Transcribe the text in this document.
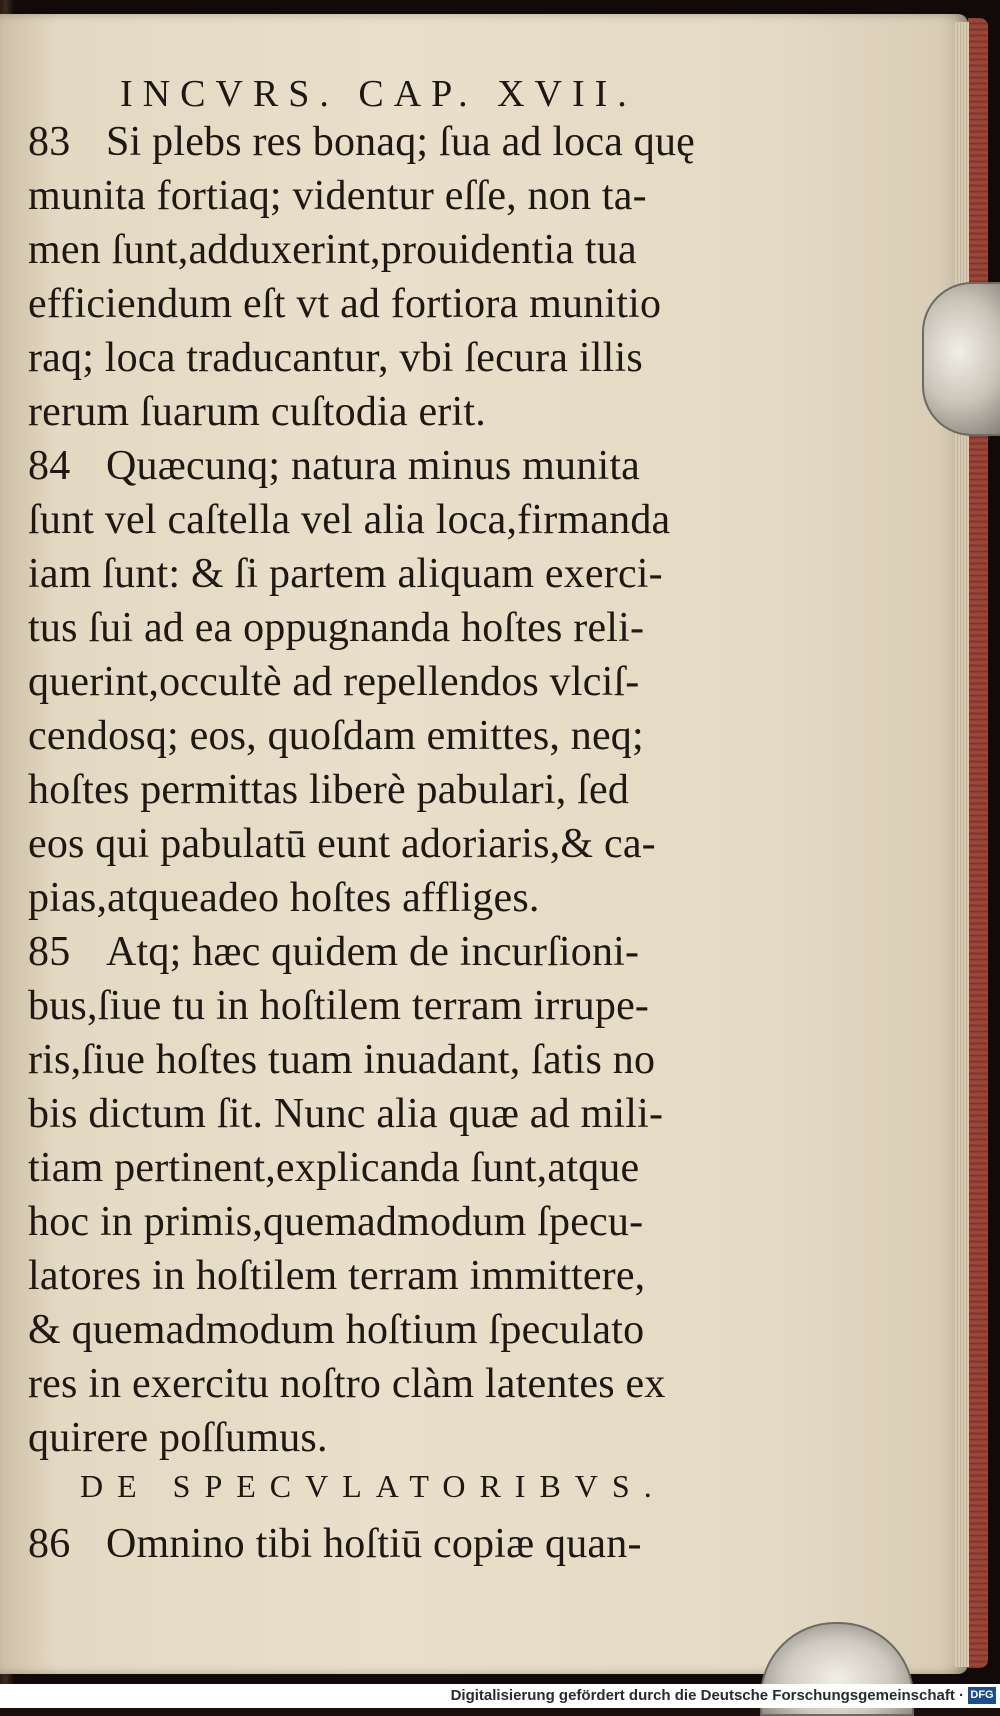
INCVRS. CAP. XVII.
83 Si plebs res bonaq; ſua ad loca quę
munita fortiaq; videntur eſſe, non ta-
men ſunt,adduxerint,prouidentia tua
efficiendum eſt vt ad fortiora munitio
raq; loca traducantur, vbi ſecura illis
rerum ſuarum cuſtodia erit.
84 Quæcunq; natura minus munita
ſunt vel caſtella vel alia loca,firmanda
iam ſunt: & ſi partem aliquam exerci-
tus ſui ad ea oppugnanda hoſtes reli-
querint,occultè ad repellendos vlciſ-
cendosq; eos, quoſdam emittes, neq;
hoſtes permittas liberè pabulari, ſed
eos qui pabulatū eunt adoriaris,& ca-
pias,atqueadeo hoſtes affliges.
85 Atq; hæc quidem de incurſioni-
bus,ſiue tu in hoſtilem terram irrupe-
ris,ſiue hoſtes tuam inuadant, ſatis no
bis dictum ſit. Nunc alia quæ ad mili-
tiam pertinent,explicanda ſunt,atque
hoc in primis,quemadmodum ſpecu-
latores in hoſtilem terram immittere,
& quemadmodum hoſtium ſpeculato
res in exercitu noſtro clàm latentes ex
quirere poſſumus.
DE SPECVLATORIBVS.
86 Omnino tibi hoſtiū copiæ quan-
Digitalisierung gefördert durch die Deutsche Forschungsgemeinschaft · DFG
